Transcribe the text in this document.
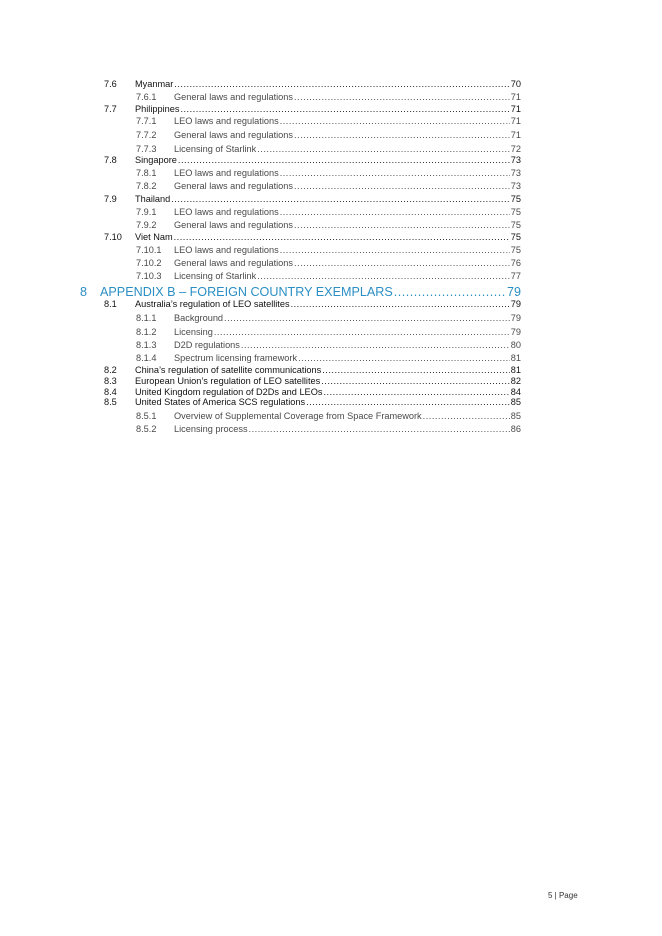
7.6	Myanmar .....	70
7.6.1	General laws and regulations .....	71
7.7	Philippines .....	71
7.7.1	LEO laws and regulations .....	71
7.7.2	General laws and regulations .....	71
7.7.3	Licensing of Starlink .....	72
7.8	Singapore .....	73
7.8.1	LEO laws and regulations .....	73
7.8.2	General laws and regulations .....	73
7.9	Thailand .....	75
7.9.1	LEO laws and regulations .....	75
7.9.2	General laws and regulations .....	75
7.10	Viet Nam .....	75
7.10.1	LEO laws and regulations .....	75
7.10.2	General laws and regulations .....	76
7.10.3	Licensing of Starlink .....	77
8	APPENDIX B – FOREIGN COUNTRY EXEMPLARS .....	79
8.1	Australia’s regulation of LEO satellites .....	79
8.1.1	Background .....	79
8.1.2	Licensing .....	79
8.1.3	D2D regulations .....	80
8.1.4	Spectrum licensing framework .....	81
8.2	China’s regulation of satellite communications .....	81
8.3	European Union’s regulation of LEO satellites .....	82
8.4	United Kingdom regulation of D2Ds and LEOs .....	84
8.5	United States of America SCS regulations .....	85
8.5.1	Overview of Supplemental Coverage from Space Framework .....	85
8.5.2	Licensing process .....	86
5 | Page
